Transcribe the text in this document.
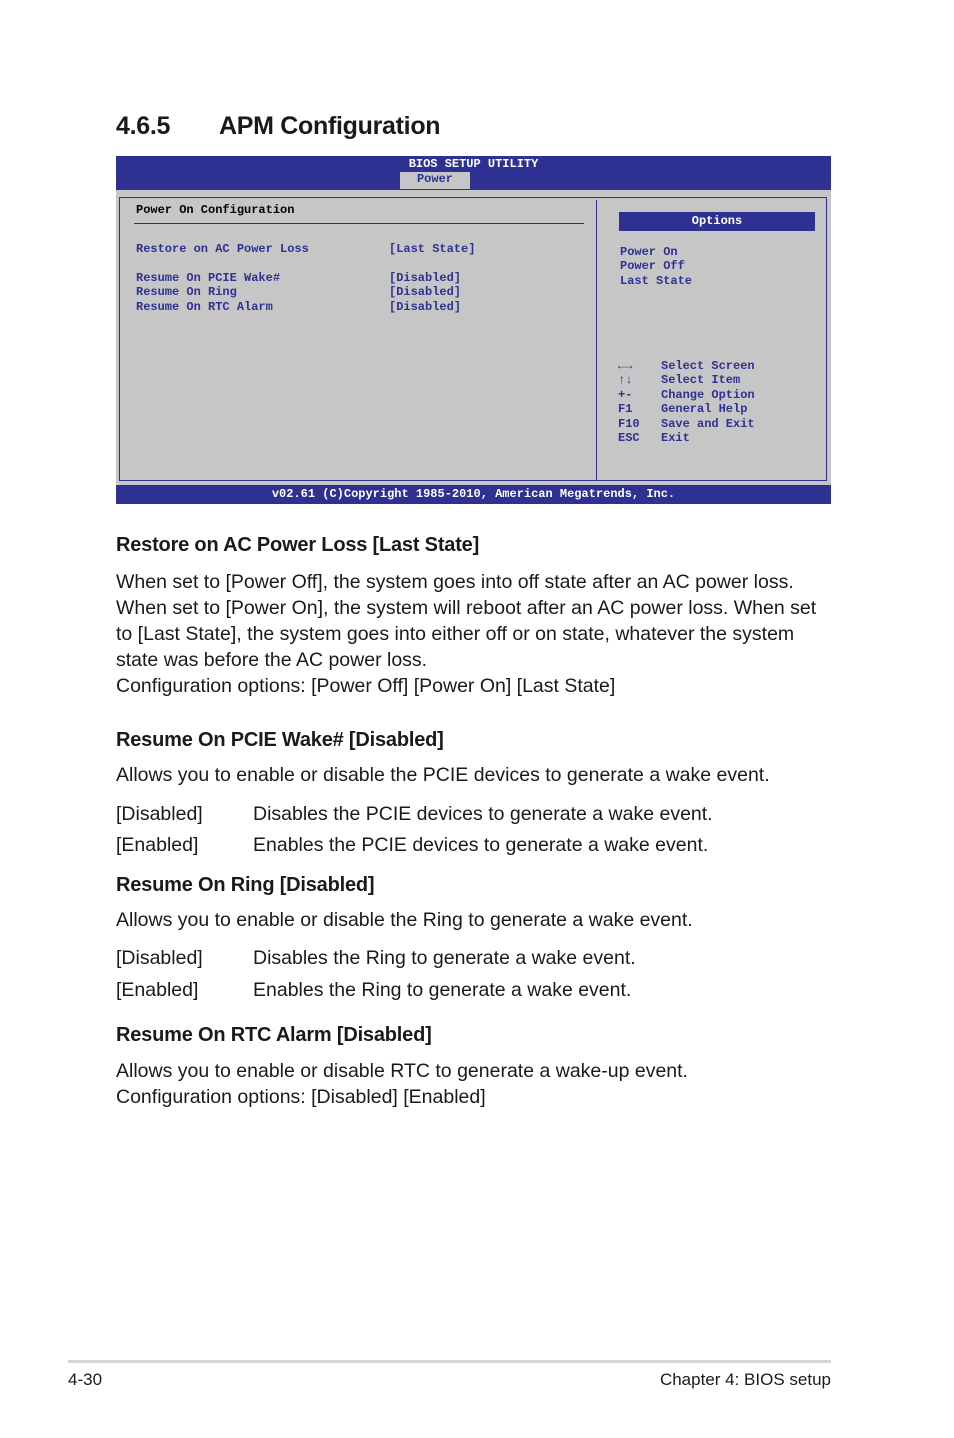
4.6.5 APM Configuration
BIOS SETUP UTILITY
Power
Power On Configuration
Restore on AC Power Loss	[Last State]
Resume On PCIE Wake#	[Disabled]
Resume On Ring	[Disabled]
Resume On RTC Alarm	[Disabled]
Options
Power On
Power Off
Last State
←→ Select Screen
↑↓ Select Item
+- Change Option
F1 General Help
F10 Save and Exit
ESC Exit
v02.61 (C)Copyright 1985-2010, American Megatrends, Inc.
Restore on AC Power Loss [Last State]
When set to [Power Off], the system goes into off state after an AC power loss.
When set to [Power On], the system will reboot after an AC power loss. When set
to [Last State], the system goes into either off or on state, whatever the system
state was before the AC power loss.
Configuration options: [Power Off] [Power On] [Last State]
Resume On PCIE Wake# [Disabled]
Allows you to enable or disable the PCIE devices to generate a wake event.
[Disabled]	Disables the PCIE devices to generate a wake event.
[Enabled]	Enables the PCIE devices to generate a wake event.
Resume On Ring [Disabled]
Allows you to enable or disable the Ring to generate a wake event.
[Disabled]	Disables the Ring to generate a wake event.
[Enabled]	Enables the Ring to generate a wake event.
Resume On RTC Alarm [Disabled]
Allows you to enable or disable RTC to generate a wake-up event.
Configuration options: [Disabled] [Enabled]
4-30	Chapter 4: BIOS setup
